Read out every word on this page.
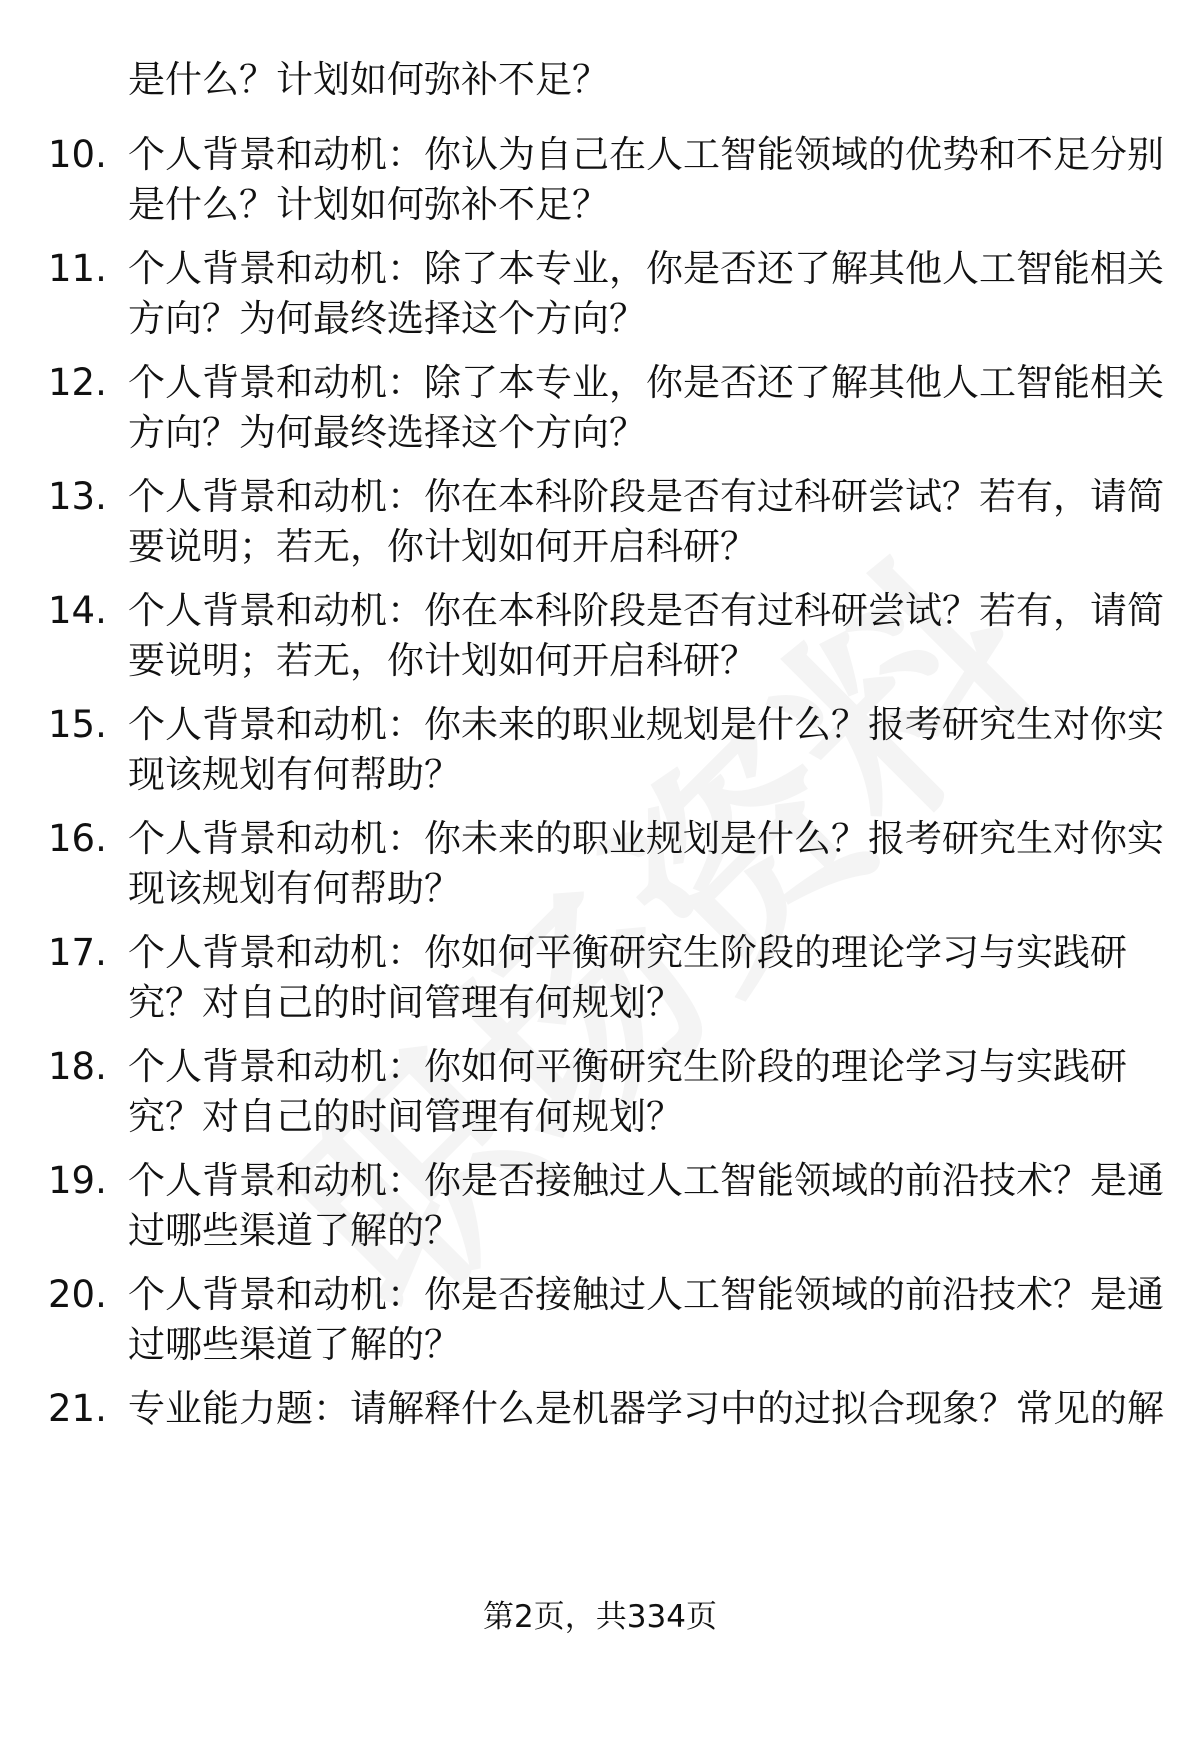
是什么？计划如何弥补不足？
10. 个人背景和动机：你认为自己在人工智能领域的优势和不足分别
是什么？计划如何弥补不足？
11. 个人背景和动机：除了本专业，你是否还了解其他人工智能相关
方向？为何最终选择这个方向？
12. 个人背景和动机：除了本专业，你是否还了解其他人工智能相关
方向？为何最终选择这个方向？
13. 个人背景和动机：你在本科阶段是否有过科研尝试？若有，请简
要说明；若无，你计划如何开启科研？
14. 个人背景和动机：你在本科阶段是否有过科研尝试？若有，请简
要说明；若无，你计划如何开启科研？
15. 个人背景和动机：你未来的职业规划是什么？报考研究生对你实
现该规划有何帮助？
16. 个人背景和动机：你未来的职业规划是什么？报考研究生对你实
现该规划有何帮助？
17. 个人背景和动机：你如何平衡研究生阶段的理论学习与实践研
究？对自己的时间管理有何规划？
18. 个人背景和动机：你如何平衡研究生阶段的理论学习与实践研
究？对自己的时间管理有何规划？
19. 个人背景和动机：你是否接触过人工智能领域的前沿技术？是通
过哪些渠道了解的？
20. 个人背景和动机：你是否接触过人工智能领域的前沿技术？是通
过哪些渠道了解的？
21. 专业能力题：请解释什么是机器学习中的过拟合现象？常见的解
第2页，共334页
